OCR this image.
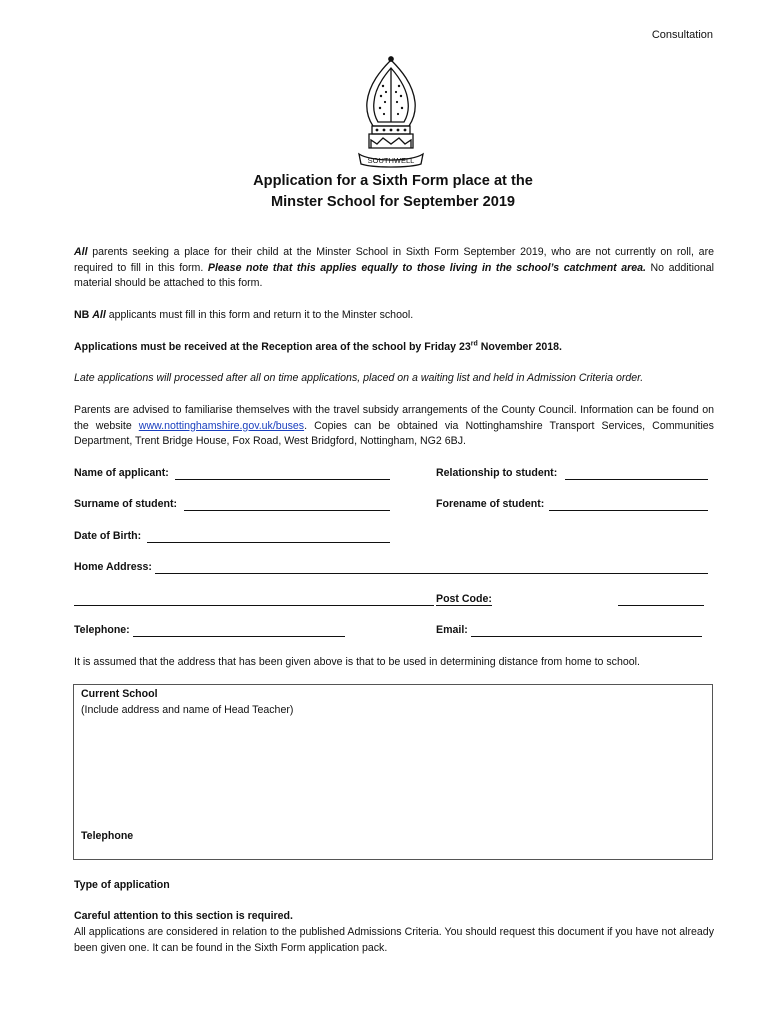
Consultation
SOUTHWELL
Application for a Sixth Form place at the
Minster School for September 2019
All parents seeking a place for their child at the Minster School in Sixth Form September 2019, who are not currently on roll, are required to fill in this form. Please note that this applies equally to those living in the school’s catchment area. No additional material should be attached to this form.
NB All applicants must fill in this form and return it to the Minster school.
Applications must be received at the Reception area of the school by Friday 23rd November 2018.
Late applications will processed after all on time applications, placed on a waiting list and held in Admission Criteria order.
Parents are advised to familiarise themselves with the travel subsidy arrangements of the County Council. Information can be found on the website www.nottinghamshire.gov.uk/buses. Copies can be obtained via Nottinghamshire Transport Services, Communities Department, Trent Bridge House, Fox Road, West Bridgford, Nottingham, NG2 6BJ.
Name of applicant:	Relationship to student:
Surname of student:	Forename of student:
Date of Birth:
Home Address:
Post Code:
Telephone:	Email:
It is assumed that the address that has been given above is that to be used in determining distance from home to school.
Current School
(Include address and name of Head Teacher)
Telephone
Type of application
Careful attention to this section is required.
All applications are considered in relation to the published Admissions Criteria. You should request this document if you have not already been given one. It can be found in the Sixth Form application pack.
